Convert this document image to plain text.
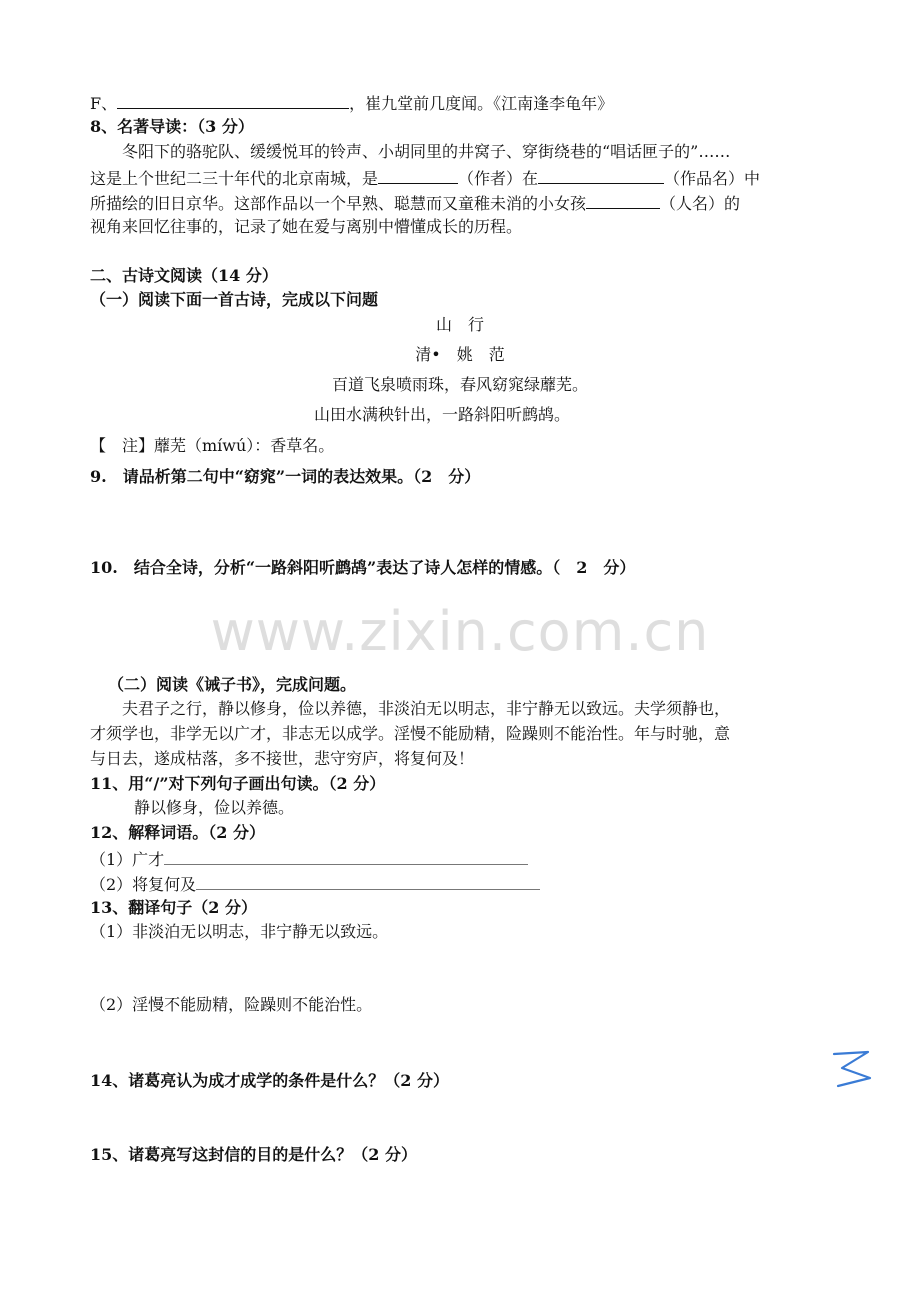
F、	，崔九堂前几度闻。《江南逢李龟年》
8、名著导读：（3 分）
冬阳下的骆驼队、缓缓悦耳的铃声、小胡同里的井窝子、穿街绕巷的“唱话匣子的”……
这是上个世纪二三十年代的北京南城，是	（作者）在	（作品名）中
所描绘的旧日京华。这部作品以一个早熟、聪慧而又童稚未消的小女孩	（人名）的
视角来回忆往事的，记录了她在爱与离别中懵懂成长的历程。
二、古诗文阅读（14 分）
（一）阅读下面一首古诗，完成以下问题
山　行
清•　姚　范
百道飞泉喷雨珠，春风窈窕绿蘼芜。
山田水满秧针出，一路斜阳听鹧鸪。
【　注】蘼芜（míwú）：香草名。
9.　请品析第二句中“窈窕”一词的表达效果。（2　分）
10.　结合全诗，分析“一路斜阳听鹧鸪”表达了诗人怎样的情感。（　2　分）
www.zixin.com.cn
（二）阅读《诫子书》，完成问题。
夫君子之行，静以修身，俭以养德，非淡泊无以明志，非宁静无以致远。夫学须静也，
才须学也，非学无以广才，非志无以成学。淫慢不能励精，险躁则不能治性。年与时驰，意
与日去，遂成枯落，多不接世，悲守穷庐，将复何及！
11、用“/”对下列句子画出句读。（2 分）
静以修身，俭以养德。
12、解释词语。（2 分）
（1）广才
（2）将复何及
13、翻译句子（2 分）
（1）非淡泊无以明志，非宁静无以致远。
（2）淫慢不能励精，险躁则不能治性。
14、诸葛亮认为成才成学的条件是什么？（2 分）
15、诸葛亮写这封信的目的是什么？（2 分）
